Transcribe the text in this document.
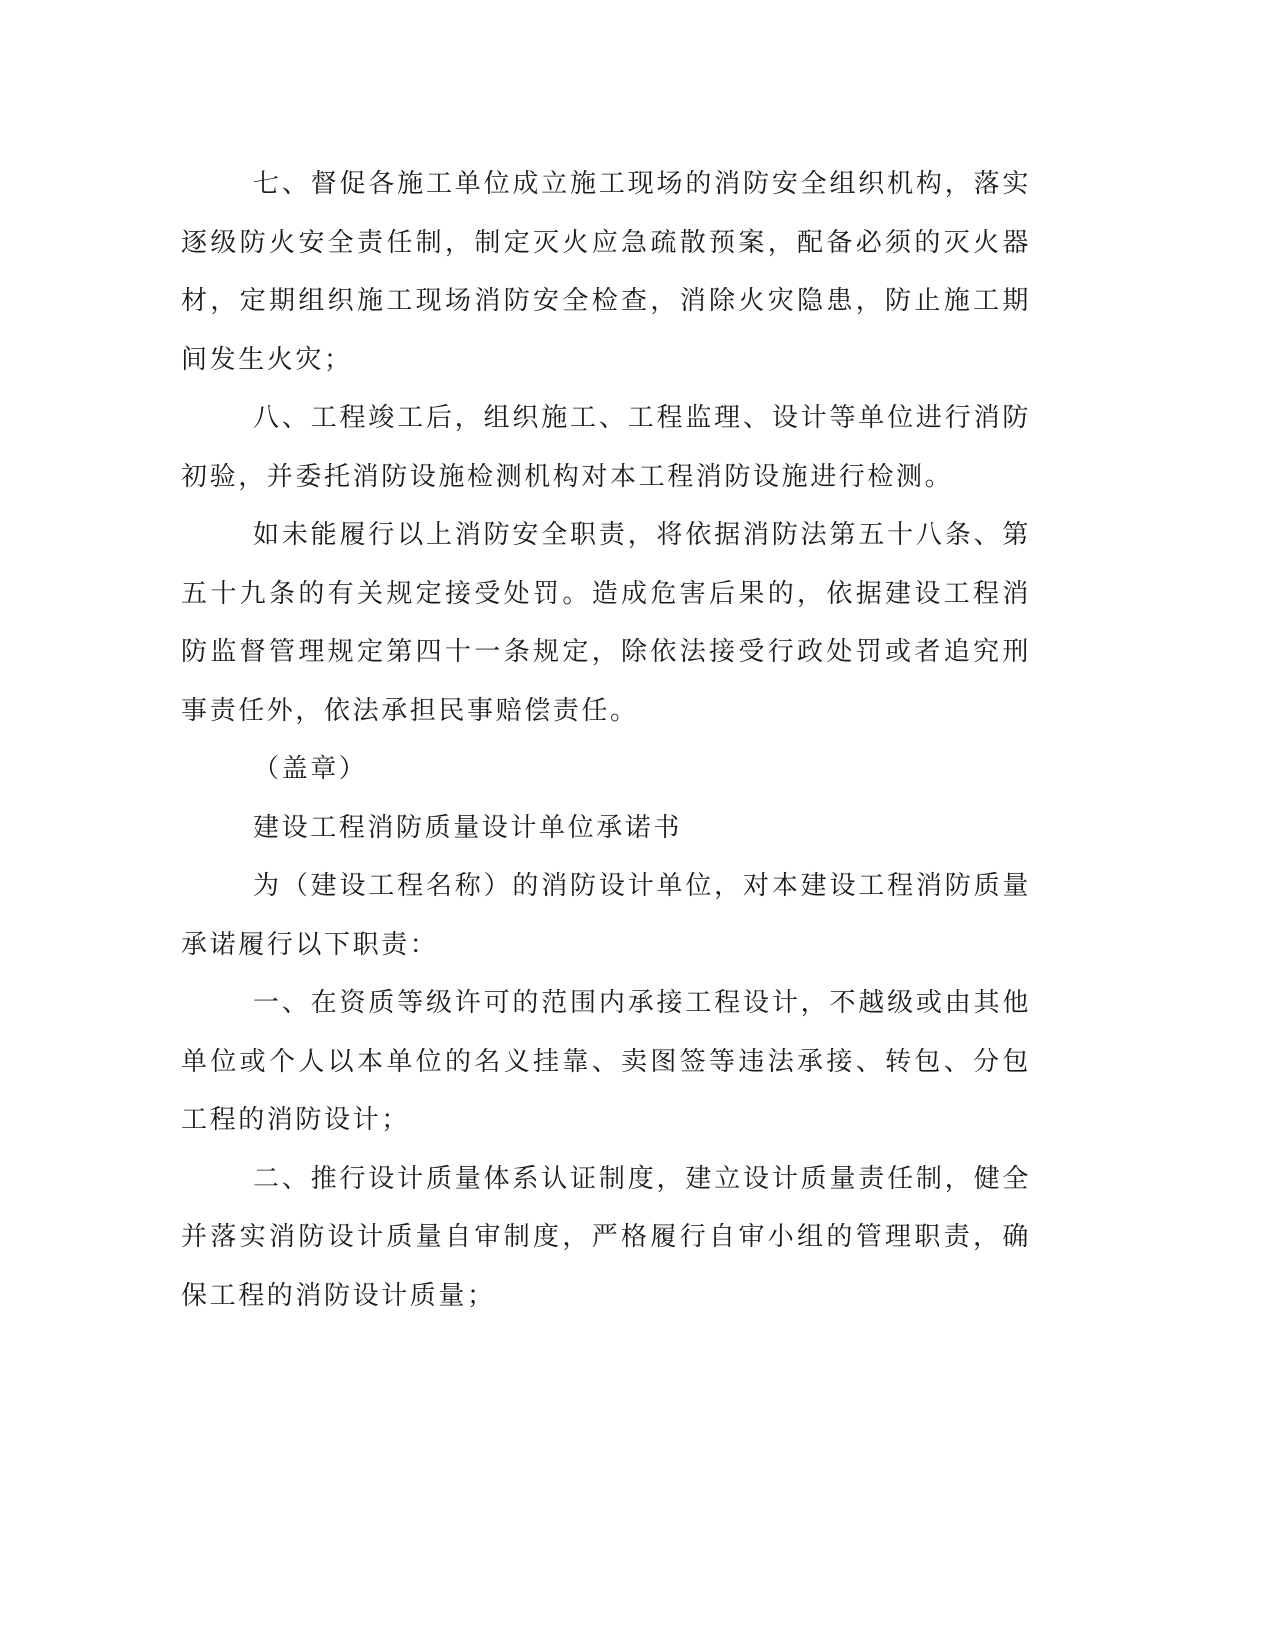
七、督促各施工单位成立施工现场的消防安全组织机构，落实逐级防火安全责任制，制定灭火应急疏散预案，配备必须的灭火器材，定期组织施工现场消防安全检查，消除火灾隐患，防止施工期间发生火灾；

八、工程竣工后，组织施工、工程监理、设计等单位进行消防初验，并委托消防设施检测机构对本工程消防设施进行检测。

如未能履行以上消防安全职责，将依据消防法第五十八条、第五十九条的有关规定接受处罚。造成危害后果的，依据建设工程消防监督管理规定第四十一条规定，除依法接受行政处罚或者追究刑事责任外，依法承担民事赔偿责任。

（盖章）

建设工程消防质量设计单位承诺书

为（建设工程名称）的消防设计单位，对本建设工程消防质量承诺履行以下职责：

一、在资质等级许可的范围内承接工程设计，不越级或由其他单位或个人以本单位的名义挂靠、卖图签等违法承接、转包、分包工程的消防设计；

二、推行设计质量体系认证制度，建立设计质量责任制，健全并落实消防设计质量自审制度，严格履行自审小组的管理职责，确保工程的消防设计质量；
